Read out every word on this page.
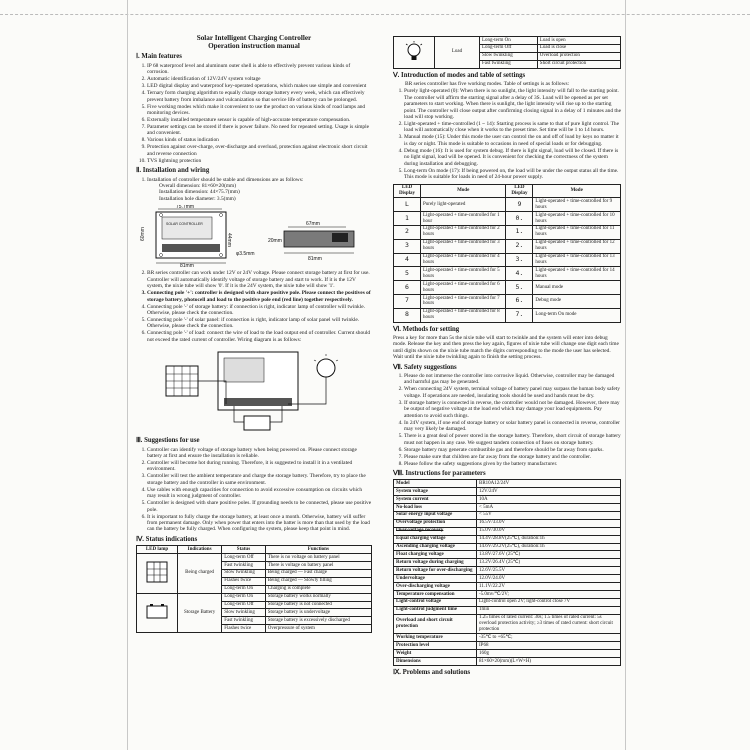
Solar Intelligent Charging Controller
Operation instruction manual
Ⅰ. Main features
1. IP 68 waterproof level and aluminum outer shell is able to effectively prevent various kinds of corrosion.
2. Automatic identification of 12V/24V system voltage
3. LED digital display and waterproof key-operated operations, which makes use simple and convenient
4. Ternary form charging algorithm to equally charge storage battery every week, which can effectively prevent battery from imbalance and vulcanization so that service life of battery can be prolonged.
5. Five working modes which make it convenient to use the product on various kinds of road lamps and monitoring devices.
6. Externally installed temperature sensor is capable of high-accurate temperature compensation.
7. Parameter settings can be stored if there is power failure. No need for repeated setting. Usage is simple and convenient.
8. Various kinds of status indication
9. Protection against over-charge, over-discharge and overload, protection against electronic short circuit and reverse connection
10. TVS lightning protection
Ⅱ. Installation and wiring
1. Installation of controller should be stable and dimensions are as follows:
Overall dimension: 81×60×20(mm)
Installation dimension: 44×75.7(mm)
Installation hole diameter: 3.5(mm)
75.7mm
SOLAR CONTROLLER
60mm	44mm
φ3.5mm
81mm
67mm
20mm
81mm
2. BR series controller can work under 12V or 24V voltage. Please connect storage battery at first for use. Controller will automatically identify voltage of storage battery and start to work. If it is the 12V system, the nixie tube will show '0'. If it is the 24V system, the nixie tube will show '1'.
3. Connecting pole '+': controller is designed with share positive pole. Please connect the positives of storage battery, photocell and load to the positive pole end (red line) together respectively.
4. Connecting pole '-' of storage battery: if connection is right, indicator lamp of controller will twinkle. Otherwise, please check the connection.
5. Connecting pole '-' of solar panel: if connection is right, indicator lamp of solar panel will twinkle. Otherwise, please check the connection.
6. Connecting pole '-' of load: connect the wire of load to the load output end of controller. Current should not exceed the rated current of controller. Wiring diagram is as follows:
Ⅲ. Suggestions for use
1. Controller can identify voltage of storage battery when being powered on. Please connect storage battery at first and ensure the installation is reliable.
2. Controller will become hot during running. Therefore, it is suggested to install it in a ventilated environment.
3. Controller will test the ambient temperature and charge the storage battery. Therefore, try to place the storage battery and the controller in same environment.
4. Use cables with enough capacities for connection to avoid excessive consumption on circuits which may result in wrong judgment of controller.
5. Controller is designed with share positive poles. If grounding needs to be connected, please use positive pole.
6. It is important to fully charge the storage battery, at least once a month. Otherwise, battery will suffer from permanent damage. Only when power that enters into the batter is more than that used by the load can the battery be fully charged. When configuring the system, please keep that point in mind.
Ⅳ. Status indications
LED lamp	Indications	Status	Functions
	Being charged	Long-term Off	There is no voltage on battery panel
		Fast twinkling	There is voltage on battery panel
		Slow twinkling	Being charged — Fast charge
		Flashes twice	Being charged — Slowly filling
		Long-term On	Charging is complete
	Storage Battery	Long-term On	Storage battery works normally
		Long-term Off	Storage battery is not connected
		Slow twinkling	Storage battery is undervoltage
		Fast twinkling	Storage battery is excessively discharged
		Flashes twice	Overpressure of system
	Load	Long-term On	Load is open
		Long-term Off	Load is close
		Slow twinkling	Overload protection
		Fast twinkling	Short circuit protection
Ⅴ. Introduction of modes and table of settings

BR series controller has five working modes. Table of settings is as follows:

1. Purely light-operated (0): When there is no sunlight, the light intensity will fall to the starting point. The controller will affirm the starting signal after a delay of 3S. Load will be opened as per set parameters to start working. When there is sunlight, the light intensity will rise up to the starting point. The controller will close output after confirming closing signal in a delay of 1 minutes and the load will stop working.
2. Light-operated + time-controlled (1 ~ 14): Starting process is same to that of pure light control. The load will automatically close when it works to the preset time. Set time will be 1 to 14 hours.
3. Manual mode (15): Under this mode the user can control the on and off of load by keys no matter it is day or night. This mode is suitable to occasions in need of special loads or for debugging.
4. Debug mode (16): It is used for system debug. If there is light signal, load will be closed. If there is no light signal, load will be opened. It is convenient for checking the correctness of the system during installation and debugging.
5. Long-term On mode (17): If being powered on, the load will be under the output status all the time. This mode is suitable for loads in need of 24-hour power supply.
LED Display	Mode	LED Display	Mode
L	Purely light-operated	9	Light-operated + time-controlled for 9 hours
1	Light-operated + time-controlled for 1 hour	0.	Light-operated + time-controlled for 10 hours
2	Light-operated + time-controlled for 2 hours	1.	Light-operated + time-controlled for 11 hours
3	Light-operated + time-controlled for 3 hours	2.	Light-operated + time-controlled for 12 hours
4	Light-operated + time-controlled for 4 hours	3.	Light-operated + time-controlled for 13 hours
5	Light-operated + time-controlled for 5 hours	4.	Light-operated + time-controlled for 14 hours
6	Light-operated + time-controlled for 6 hours	5.	Manual mode
7	Light-operated + time-controlled for 7 hours	6.	Debug mode
8	Light-operated + time-controlled for 8 hours	7.	Long-term On mode
Ⅵ. Methods for setting

Press a key for more than 5s the nixie tube will start to twinkle and the system will enter into debug mode. Release the key and then press the key again, figures of nixie tube will change one digit each time until digits shown on the nixie tube match the digits corresponding to the mode the user has selected. Wait until the nixie tube twinkling again to finish the setting process.

Ⅶ. Safety suggestions
1. Please do not immerse the controller into corrosive liquid. Otherwise, controller may be damaged and harmful gas may be generated.
2. When connecting 24V system, terminal voltage of battery panel may surpass the human body safety voltage. If operations are needed, insulating tools should be used and hands must be dry.
3. If storage battery is connected in reverse, the controller would not be damaged. However, there may be output of negative voltage at the load end which may damage your load equipments. Pay attention to avoid such things.
4. In 24V system, if one end of storage battery or solar battery panel is connected in reverse, controller may very likely be damaged.
5. There is a great deal of power stored in the storage battery. Therefore, short circuit of storage battery must not happen in any case. We suggest tandem connection of fuses on storage battery.
6. Storage battery may generate combustible gas and therefore should be far away from sparks.
7. Please make sure that children are far away from the storage battery and the controller.
8. Please follow the safety suggestions given by the battery manufacturer.
Ⅷ. Instructions for parameters
Model	BR10A12/24V
System voltage	12V/24V
System current	10A
No-load loss	< 5mA
Solar energy input voltage	< 55V
Overvoltage protection	16.5V/33.0V
Over-voltage recovery	15.0V/30.0V
Equal charging voltage	14.4V/28.8V(25℃), duration:1h
Ascending charging voltage	14.6V/29.2V(25℃), duration:1h
Float charging voltage	13.8V/27.6V (25℃)
Return voltage during charging	13.2V/26.4V (25℃)
Return voltage for over-discharging	12.6V/25.5V
Undervoltage	12.0V/24.0V
Over-discharging voltage	11.1V/22.2V
Temperature compensation	-5.0mv/℃/2V;
Light-control voltage	Light-control open 2V; light-control close 7V
Light-control judgment time	1min
Overload and short circuit protection	1.25 times of rated current: 30s; 1.5 times of rated current: 5s overload protection activity; ≥3 times of rated current: short circuit protection
Working temperature	-35℃ to +65℃;
Protection level	IP68
Weight	160g
Dimensions	81×60×20(mm)(L×W×H)
Ⅸ. Problems and solutions
